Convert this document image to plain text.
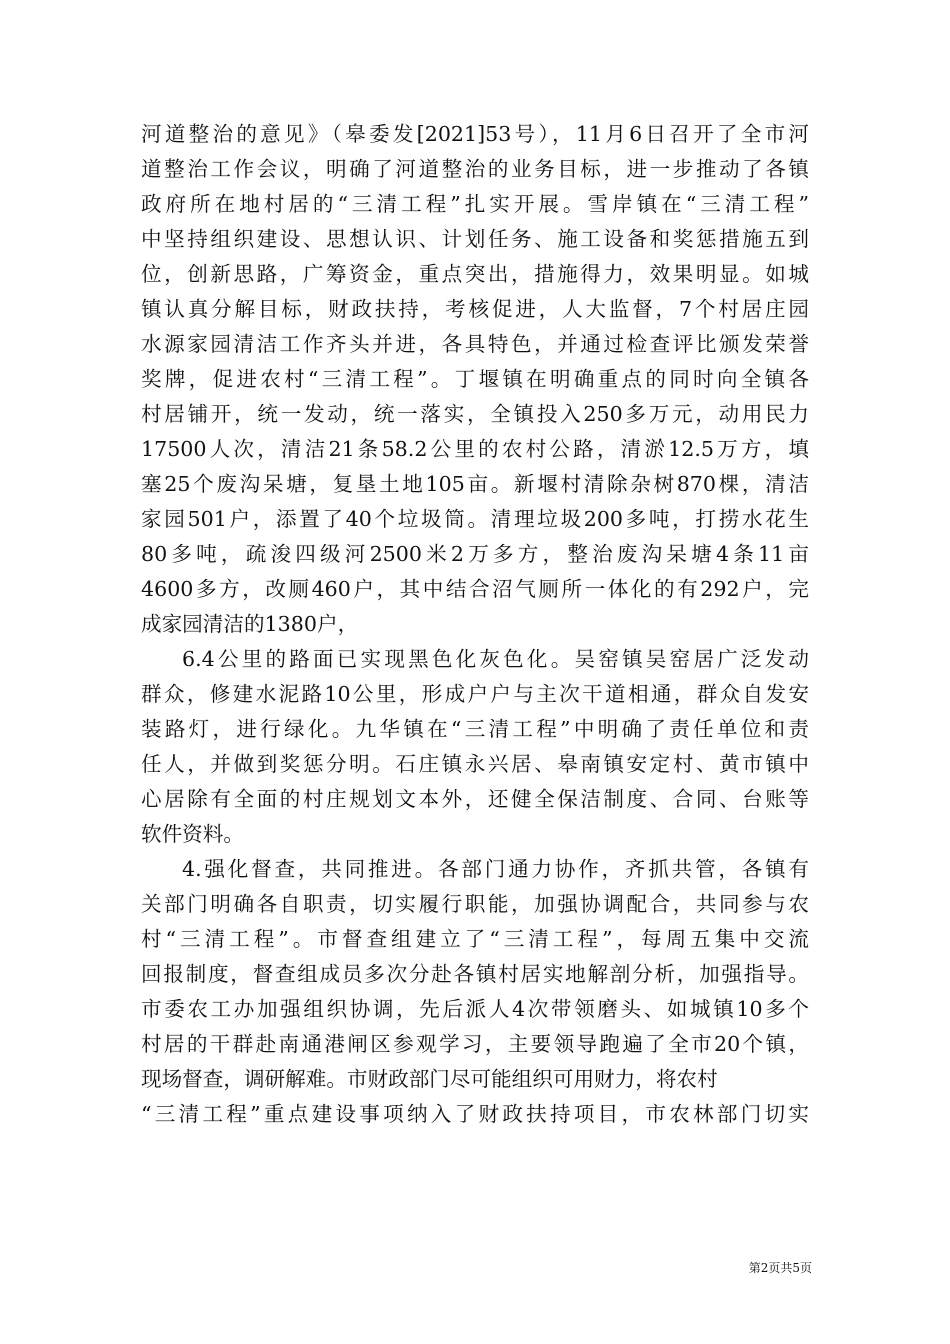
河道整治的意见》（皋委发[2021]53号），11月6日召开了全市河
道整治工作会议，明确了河道整治的业务目标，进一步推动了各镇
政府所在地村居的“三清工程”扎实开展。雪岸镇在“三清工程”
中坚持组织建设、思想认识、计划任务、施工设备和奖惩措施五到
位，创新思路，广筹资金，重点突出，措施得力，效果明显。如城
镇认真分解目标，财政扶持，考核促进，人大监督，7个村居庄园
水源家园清洁工作齐头并进，各具特色，并通过检查评比颁发荣誉
奖牌，促进农村“三清工程”。丁堰镇在明确重点的同时向全镇各
村居铺开，统一发动，统一落实，全镇投入250多万元，动用民力
17500人次，清洁21条58.2公里的农村公路，清淤12.5万方，填
塞25个废沟呆塘，复垦土地105亩。新堰村清除杂树870棵，清洁
家园501户，添置了40个垃圾筒。清理垃圾200多吨，打捞水花生
80多吨，疏浚四级河2500米2万多方，整治废沟呆塘4条11亩
4600多方，改厕460户，其中结合沼气厕所一体化的有292户，完
成家园清洁的1380户，
6.4公里的路面已实现黑色化灰色化。吴窑镇吴窑居广泛发动
群众，修建水泥路10公里，形成户户与主次干道相通，群众自发安
装路灯，进行绿化。九华镇在“三清工程”中明确了责任单位和责
任人，并做到奖惩分明。石庄镇永兴居、皋南镇安定村、黄市镇中
心居除有全面的村庄规划文本外，还健全保洁制度、合同、台账等
软件资料。
4.强化督查，共同推进。各部门通力协作，齐抓共管，各镇有
关部门明确各自职责，切实履行职能，加强协调配合，共同参与农
村“三清工程”。市督查组建立了“三清工程”，每周五集中交流
回报制度，督查组成员多次分赴各镇村居实地解剖分析，加强指导。
市委农工办加强组织协调，先后派人4次带领磨头、如城镇10多个
村居的干群赴南通港闸区参观学习，主要领导跑遍了全市20个镇，
现场督查，调研解难。市财政部门尽可能组织可用财力，将农村
“三清工程”重点建设事项纳入了财政扶持项目，市农林部门切实
第2页共5页
